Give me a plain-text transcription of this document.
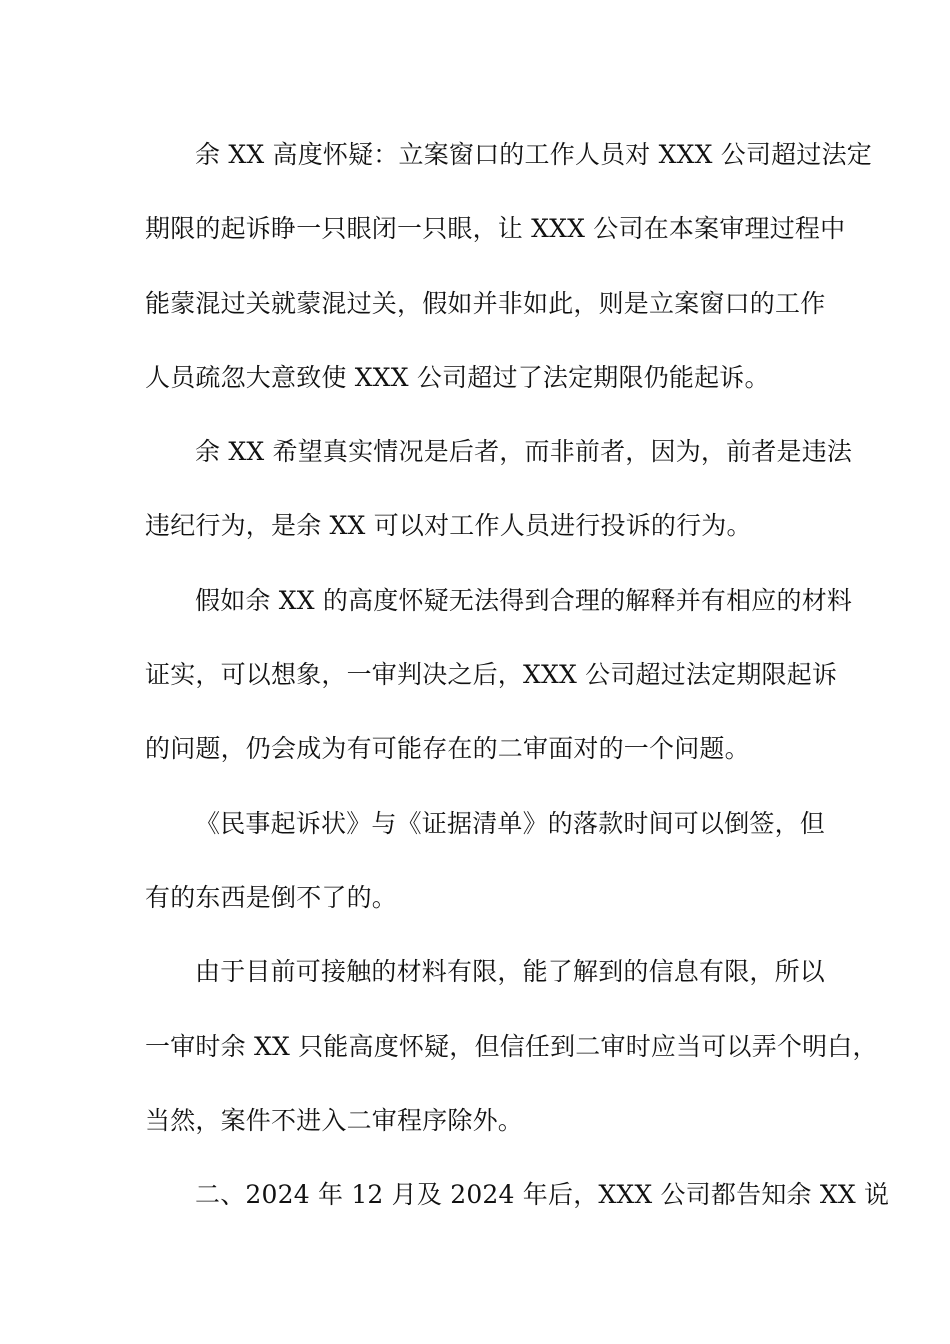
余 XX 高度怀疑：立案窗口的工作人员对 XXX 公司超过法定
期限的起诉睁一只眼闭一只眼，让 XXX 公司在本案审理过程中
能蒙混过关就蒙混过关，假如并非如此，则是立案窗口的工作
人员疏忽大意致使 XXX 公司超过了法定期限仍能起诉。

余 XX 希望真实情况是后者，而非前者，因为，前者是违法
违纪行为，是余 XX 可以对工作人员进行投诉的行为。

假如余 XX 的高度怀疑无法得到合理的解释并有相应的材料
证实，可以想象，一审判决之后，XXX 公司超过法定期限起诉
的问题，仍会成为有可能存在的二审面对的一个问题。

《民事起诉状》与《证据清单》的落款时间可以倒签，但
有的东西是倒不了的。

由于目前可接触的材料有限，能了解到的信息有限，所以
一审时余 XX 只能高度怀疑，但信任到二审时应当可以弄个明白，
当然，案件不进入二审程序除外。

二、2024 年 12 月及 2024 年后，XXX 公司都告知余 XX 说
